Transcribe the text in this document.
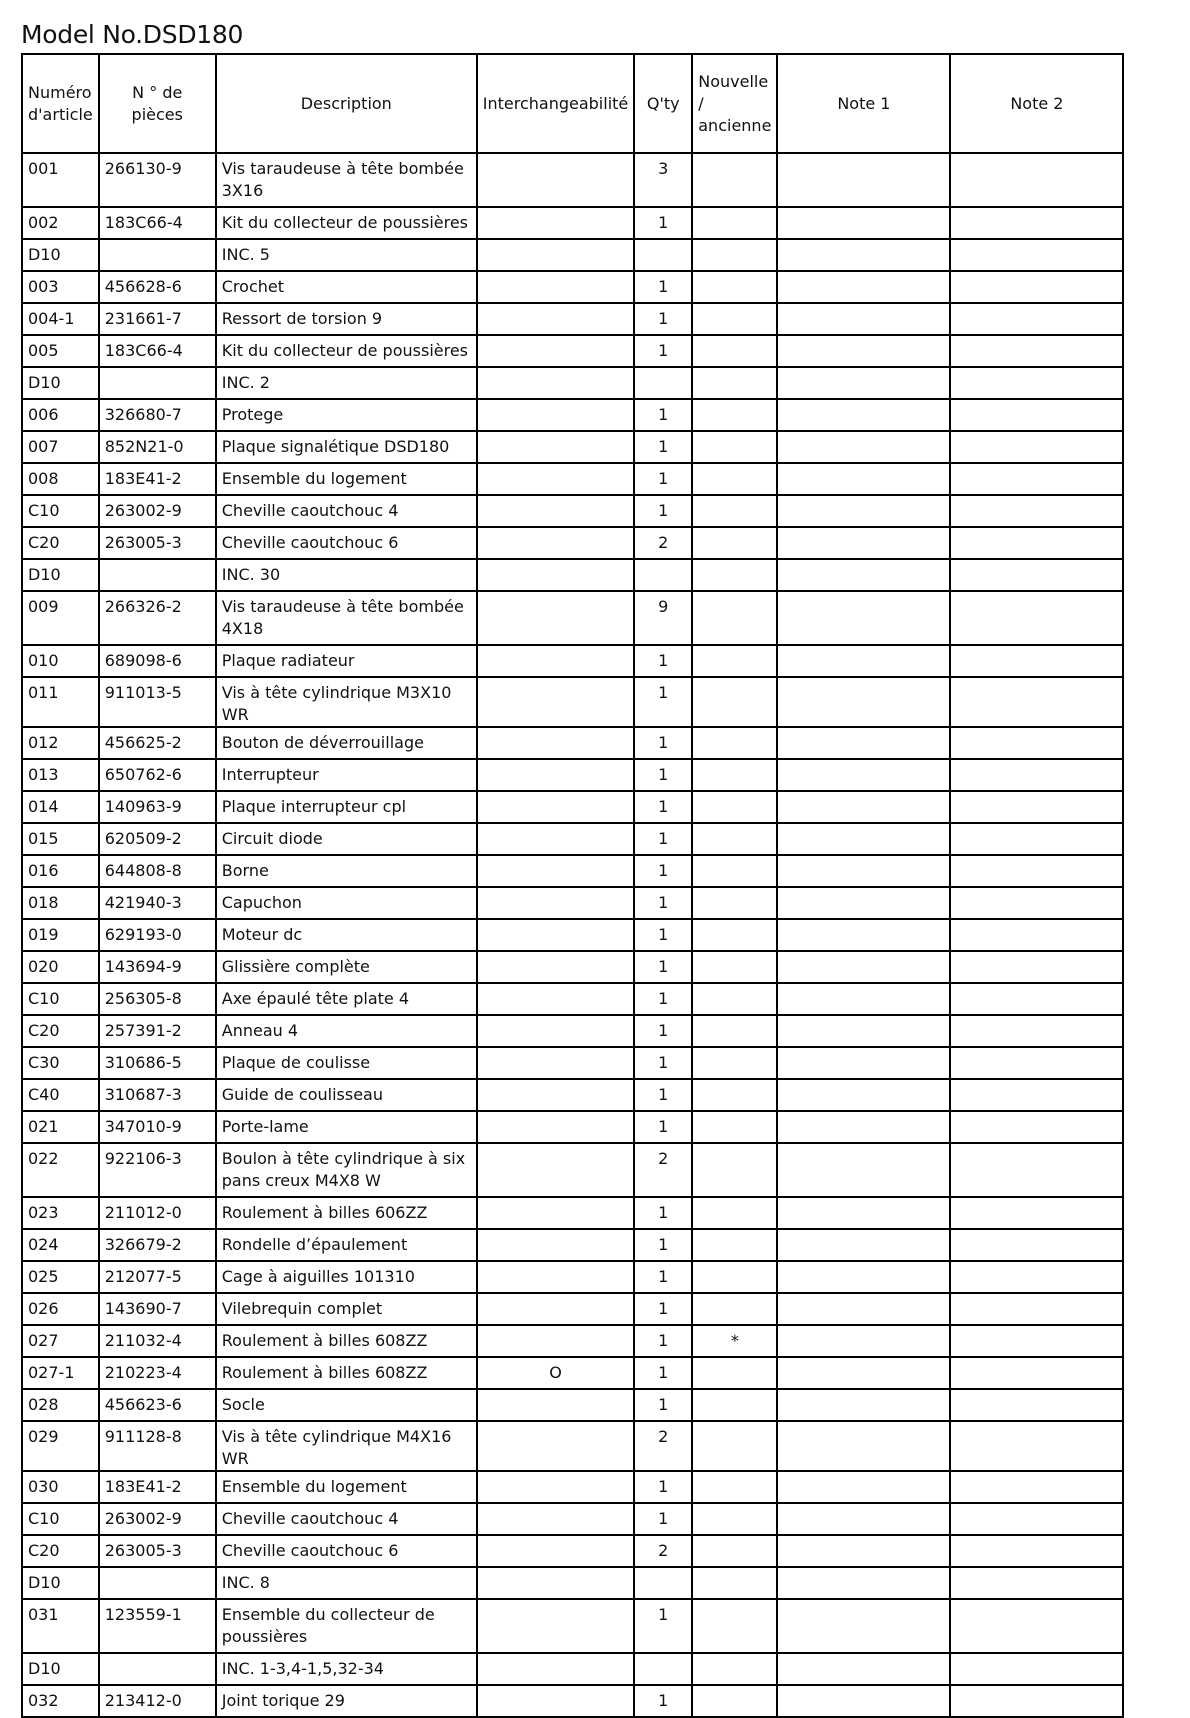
Model No.DSD180
Numéro d'article	N ° de pièces	Description	Interchangeabilité	Q'ty	Nouvelle / ancienne	Note 1	Note 2
001	266130-9	Vis taraudeuse à tête bombée 3X16		3			
002	183C66-4	Kit du collecteur de poussières		1			
D10		INC. 5					
003	456628-6	Crochet		1			
004-1	231661-7	Ressort de torsion 9		1			
005	183C66-4	Kit du collecteur de poussières		1			
D10		INC. 2					
006	326680-7	Protege		1			
007	852N21-0	Plaque signalétique DSD180		1			
008	183E41-2	Ensemble du logement		1			
C10	263002-9	Cheville caoutchouc 4		1			
C20	263005-3	Cheville caoutchouc 6		2			
D10		INC. 30					
009	266326-2	Vis taraudeuse à tête bombée 4X18		9			
010	689098-6	Plaque radiateur		1			
011	911013-5	Vis à tête cylindrique M3X10 WR		1			
012	456625-2	Bouton de déverrouillage		1			
013	650762-6	Interrupteur		1			
014	140963-9	Plaque interrupteur cpl		1			
015	620509-2	Circuit diode		1			
016	644808-8	Borne		1			
018	421940-3	Capuchon		1			
019	629193-0	Moteur dc		1			
020	143694-9	Glissière complète		1			
C10	256305-8	Axe épaulé tête plate 4		1			
C20	257391-2	Anneau 4		1			
C30	310686-5	Plaque de coulisse		1			
C40	310687-3	Guide de coulisseau		1			
021	347010-9	Porte-lame		1			
022	922106-3	Boulon à tête cylindrique à six pans creux M4X8 W		2			
023	211012-0	Roulement à billes 606ZZ		1			
024	326679-2	Rondelle d’épaulement		1			
025	212077-5	Cage à aiguilles 101310		1			
026	143690-7	Vilebrequin complet		1			
027	211032-4	Roulement à billes 608ZZ		1	*		
027-1	210223-4	Roulement à billes 608ZZ	O	1			
028	456623-6	Socle		1			
029	911128-8	Vis à tête cylindrique M4X16 WR		2			
030	183E41-2	Ensemble du logement		1			
C10	263002-9	Cheville caoutchouc 4		1			
C20	263005-3	Cheville caoutchouc 6		2			
D10		INC. 8					
031	123559-1	Ensemble du collecteur de poussières		1			
D10		INC. 1-3,4-1,5,32-34					
032	213412-0	Joint torique 29		1			
